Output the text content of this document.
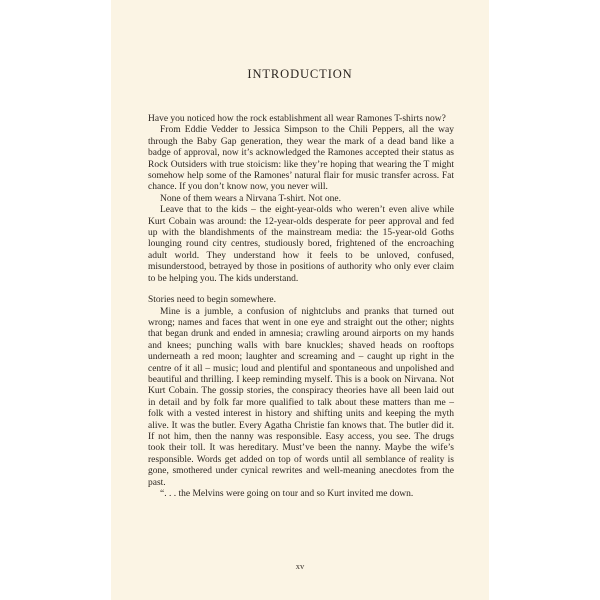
INTRODUCTION

Have you noticed how the rock establishment all wear Ramones T-shirts now?

From Eddie Vedder to Jessica Simpson to the Chili Peppers, all the way through the Baby Gap generation, they wear the mark of a dead band like a badge of approval, now it’s acknowledged the Ramones accepted their status as Rock Outsiders with true stoicism: like they’re hoping that wearing the T might somehow help some of the Ramones’ natural flair for music transfer across. Fat chance. If you don’t know now, you never will.

None of them wears a Nirvana T-shirt. Not one.

Leave that to the kids – the eight-year-olds who weren’t even alive while Kurt Cobain was around: the 12-year-olds desperate for peer approval and fed up with the blandishments of the mainstream media: the 15-year-old Goths lounging round city centres, studiously bored, frightened of the encroaching adult world. They understand how it feels to be unloved, confused, misunderstood, betrayed by those in positions of authority who only ever claim to be helping you. The kids understand.

Stories need to begin somewhere.

Mine is a jumble, a confusion of nightclubs and pranks that turned out wrong; names and faces that went in one eye and straight out the other; nights that began drunk and ended in amnesia; crawling around airports on my hands and knees; punching walls with bare knuckles; shaved heads on rooftops underneath a red moon; laughter and screaming and – caught up right in the centre of it all – music; loud and plentiful and spontaneous and unpolished and beautiful and thrilling. I keep reminding myself. This is a book on Nirvana. Not Kurt Cobain. The gossip stories, the conspiracy theories have all been laid out in detail and by folk far more qualified to talk about these matters than me – folk with a vested interest in history and shifting units and keeping the myth alive. It was the butler. Every Agatha Christie fan knows that. The butler did it. If not him, then the nanny was responsible. Easy access, you see. The drugs took their toll. It was hereditary. Must’ve been the nanny. Maybe the wife’s responsible. Words get added on top of words until all semblance of reality is gone, smothered under cynical rewrites and well-meaning anecdotes from the past.

“. . . the Melvins were going on tour and so Kurt invited me down.

xv
